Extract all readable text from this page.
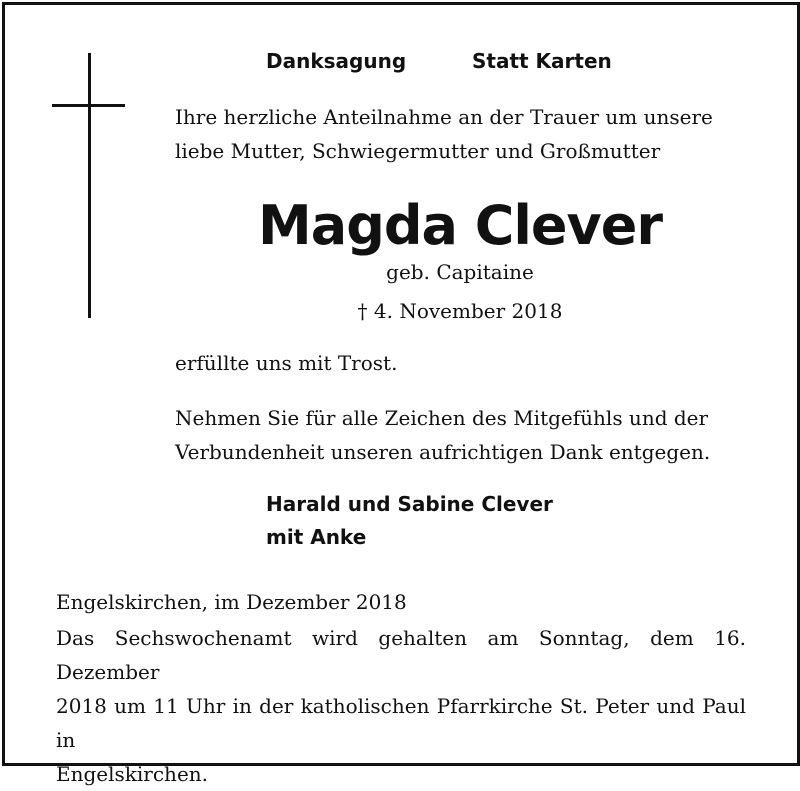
Danksagung	Statt Karten

Ihre herzliche Anteilnahme an der Trauer um unsere
liebe Mutter, Schwiegermutter und Großmutter

Magda Clever
geb. Capitaine
† 4. November 2018

erfüllte uns mit Trost.

Nehmen Sie für alle Zeichen des Mitgefühls und der
Verbundenheit unseren aufrichtigen Dank entgegen.

Harald und Sabine Clever
mit Anke

Engelskirchen, im Dezember 2018

Das Sechswochenamt wird gehalten am Sonntag, dem 16. Dezember
2018 um 11 Uhr in der katholischen Pfarrkirche St. Peter und Paul in
Engelskirchen.
